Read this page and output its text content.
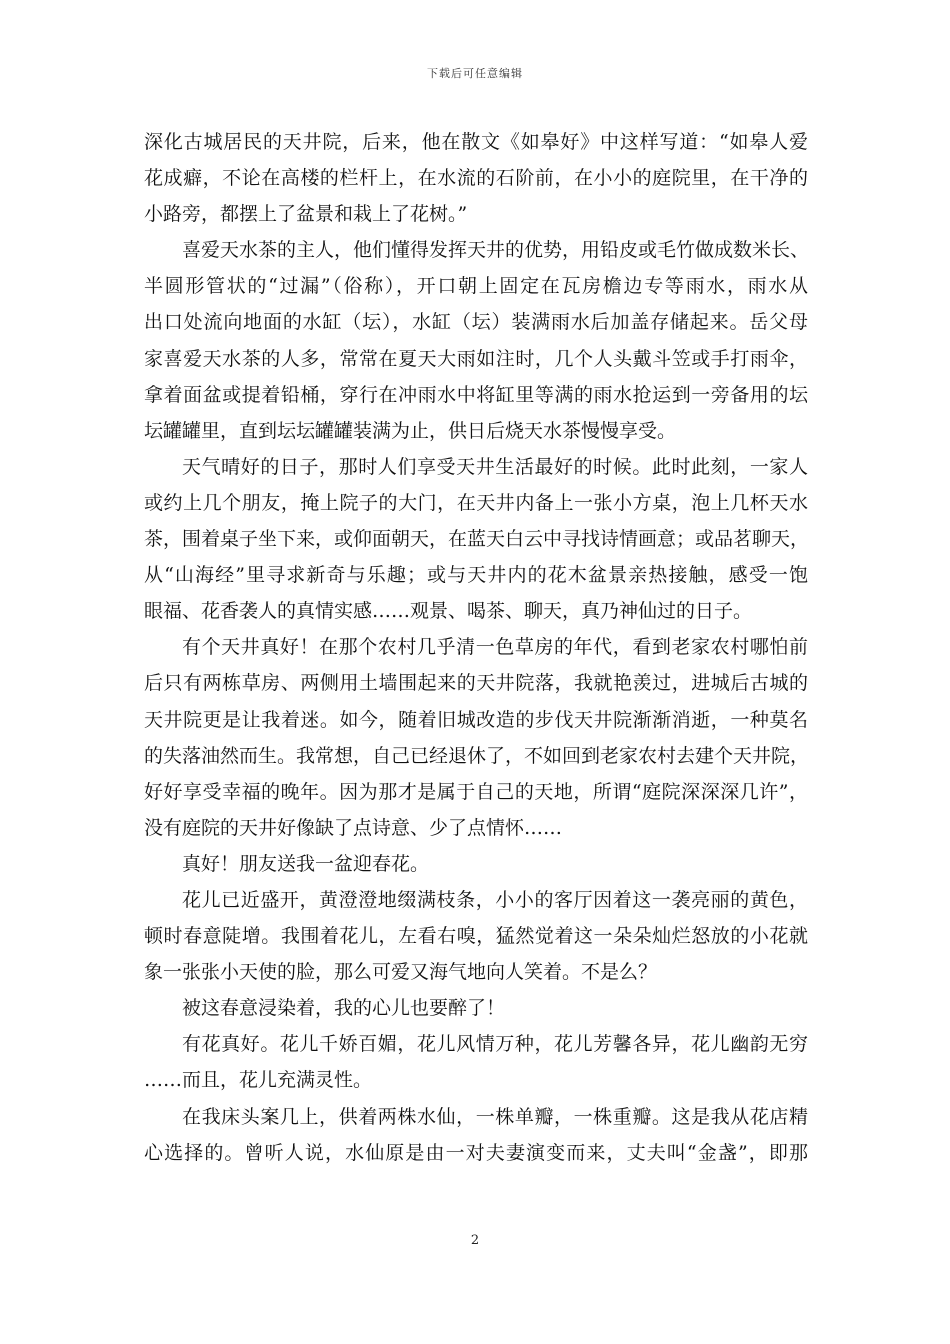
下载后可任意编辑
深化古城居民的天井院，后来，他在散文《如皋好》中这样写道：“如皋人爱
花成癖，不论在高楼的栏杆上，在水流的石阶前，在小小的庭院里，在干净的
小路旁，都摆上了盆景和栽上了花树。”
喜爱天水茶的主人，他们懂得发挥天井的优势，用铅皮或毛竹做成数米长、
半圆形管状的“过漏”（俗称），开口朝上固定在瓦房檐边专等雨水，雨水从
出口处流向地面的水缸（坛），水缸（坛）装满雨水后加盖存储起来。岳父母
家喜爱天水茶的人多，常常在夏天大雨如注时，几个人头戴斗笠或手打雨伞，
拿着面盆或提着铅桶，穿行在冲雨水中将缸里等满的雨水抢运到一旁备用的坛
坛罐罐里，直到坛坛罐罐装满为止，供日后烧天水茶慢慢享受。
天气晴好的日子，那时人们享受天井生活最好的时候。此时此刻，一家人
或约上几个朋友，掩上院子的大门，在天井内备上一张小方桌，泡上几杯天水
茶，围着桌子坐下来，或仰面朝天，在蓝天白云中寻找诗情画意；或品茗聊天，
从“山海经”里寻求新奇与乐趣；或与天井内的花木盆景亲热接触，感受一饱
眼福、花香袭人的真情实感……观景、喝茶、聊天，真乃神仙过的日子。
有个天井真好！在那个农村几乎清一色草房的年代，看到老家农村哪怕前
后只有两栋草房、两侧用土墙围起来的天井院落，我就艳羡过，进城后古城的
天井院更是让我着迷。如今，随着旧城改造的步伐天井院渐渐消逝，一种莫名
的失落油然而生。我常想，自己已经退休了，不如回到老家农村去建个天井院，
好好享受幸福的晚年。因为那才是属于自己的天地，所谓“庭院深深深几许”，
没有庭院的天井好像缺了点诗意、少了点情怀……
真好！朋友送我一盆迎春花。
花儿已近盛开，黄澄澄地缀满枝条，小小的客厅因着这一袭亮丽的黄色，
顿时春意陡增。我围着花儿，左看右嗅，猛然觉着这一朵朵灿烂怒放的小花就
象一张张小天使的脸，那么可爱又海气地向人笑着。不是么？
被这春意浸染着，我的心儿也要醉了！
有花真好。花儿千娇百媚，花儿风情万种，花儿芳馨各异，花儿幽韵无穷
……而且，花儿充满灵性。
在我床头案几上，供着两株水仙，一株单瓣，一株重瓣。这是我从花店精
心选择的。曾听人说，水仙原是由一对夫妻演变而来，丈夫叫“金盏”，即那
2
